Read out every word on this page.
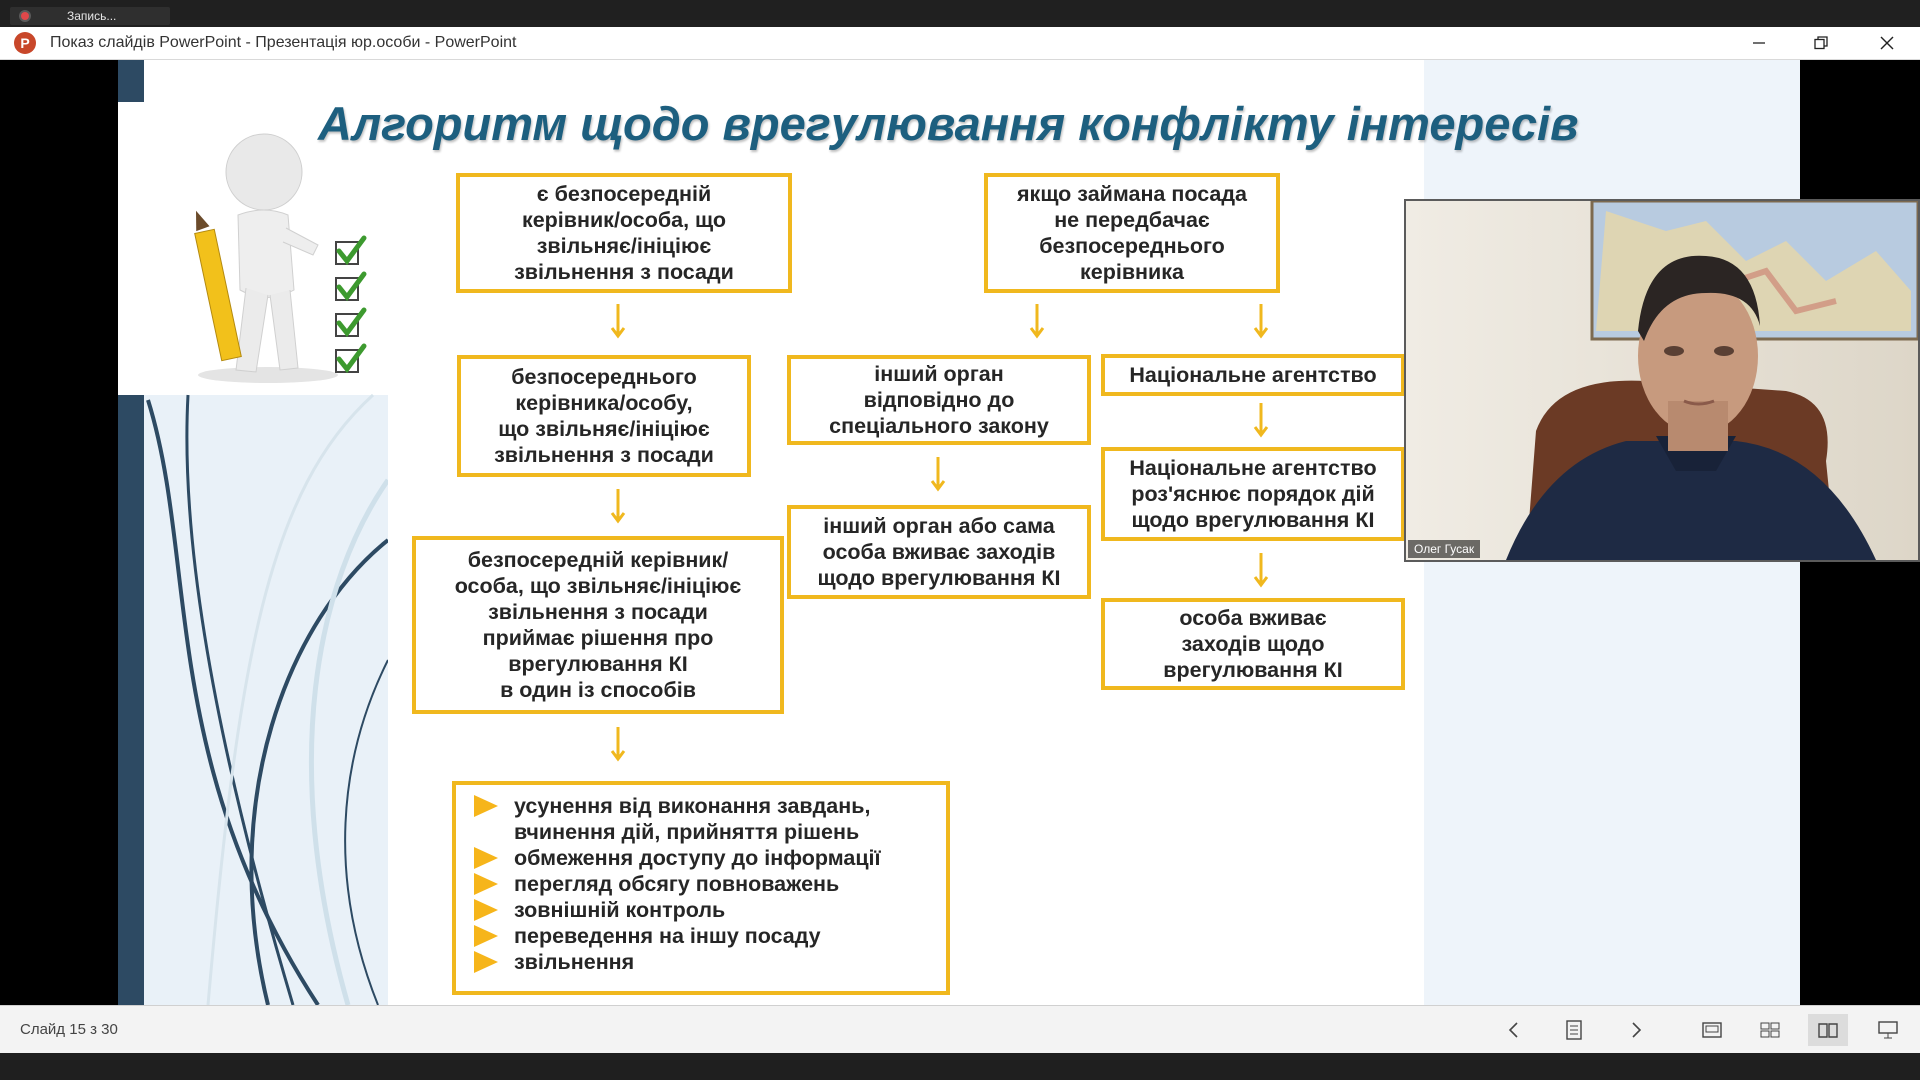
Запись...
P	Показ слайдів PowerPoint - Презентація юр.особи - PowerPoint
Алгоритм щодо врегулювання конфлікту інтересів
є безпосередній
керівник/особа, що
звільняє/ініціює
звільнення з посади
безпосереднього
керівника/особу,
що звільняє/ініціює
звільнення з посади
безпосередній керівник/
особа, що звільняє/ініціює
звільнення з посади
приймає рішення про
врегулювання КІ
в один із способів
усунення від виконання завдань,
вчинення дій, прийняття рішень
обмеження доступу до інформації
перегляд обсягу повноважень
зовнішній контроль
переведення на іншу посаду
звільнення
якщо займана посада
не передбачає
безпосереднього
керівника
інший орган
відповідно до
спеціального закону
інший орган або сама
особа вживає заходів
щодо врегулювання КІ
Національне агентство
Національне агентство
роз'яснює порядок дій
щодо врегулювання КІ
особа вживає
заходів щодо
врегулювання КІ
Олег Гусак
Слайд 15 з 30
